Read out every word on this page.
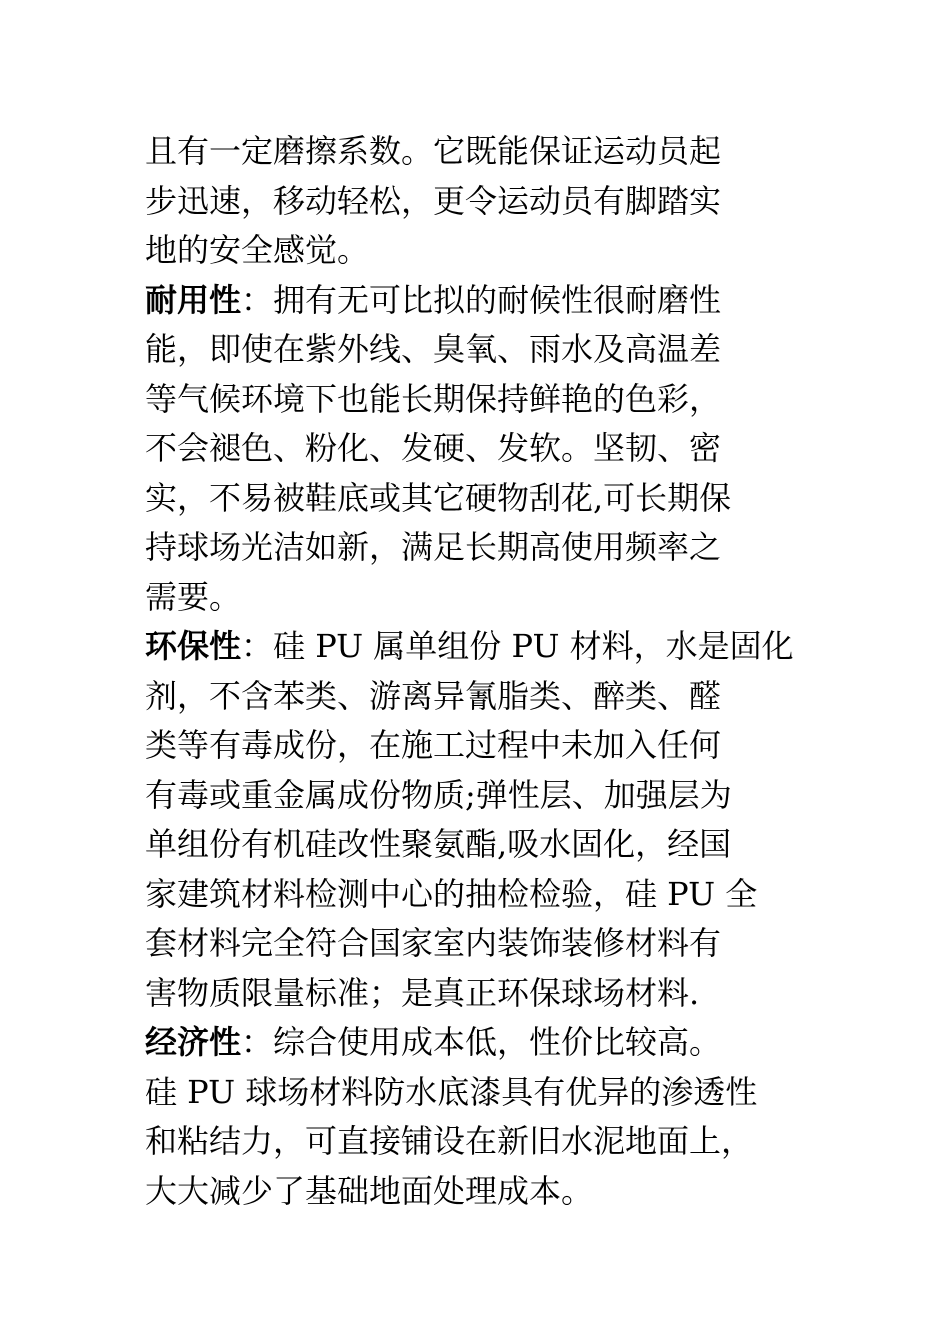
且有一定磨擦系数。它既能保证运动员起
步迅速，移动轻松，更令运动员有脚踏实
地的安全感觉。
耐用性：拥有无可比拟的耐候性很耐磨性
能，即使在紫外线、臭氧、雨水及高温差
等气候环境下也能长期保持鲜艳的色彩，
不会褪色、粉化、发硬、发软。坚韧、密
实，不易被鞋底或其它硬物刮花,可长期保
持球场光洁如新，满足长期高使用频率之
需要。
环保性：硅 PU 属单组份 PU 材料，水是固化
剂，不含苯类、游离异氰脂类、醉类、醛
类等有毒成份，在施工过程中未加入任何
有毒或重金属成份物质;弹性层、加强层为
单组份有机硅改性聚氨酯,吸水固化，经国
家建筑材料检测中心的抽检检验，硅 PU 全
套材料完全符合国家室内装饰装修材料有
害物质限量标准；是真正环保球场材料.
经济性：综合使用成本低，性价比较高。
硅 PU 球场材料防水底漆具有优异的渗透性
和粘结力，可直接铺设在新旧水泥地面上，
大大减少了基础地面处理成本。
